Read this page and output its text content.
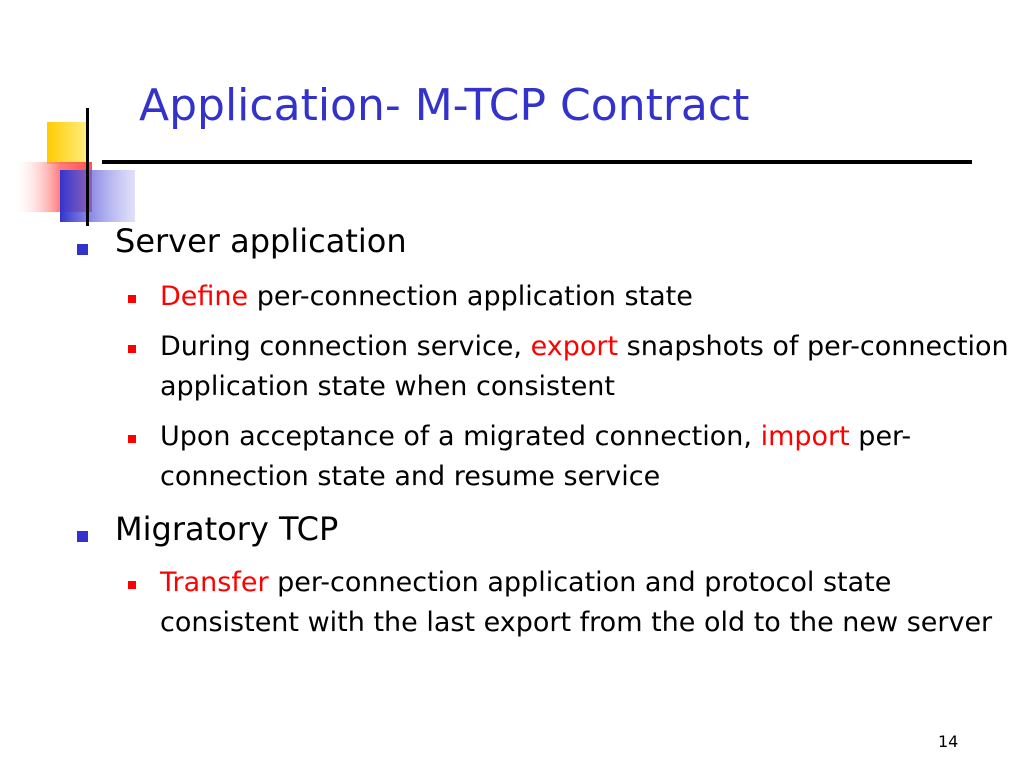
Application- M-TCP Contract
Server application
Define per-connection application state
During connection service, export snapshots of per-connection application state when consistent
Upon acceptance of a migrated connection, import per-connection state and resume service
Migratory TCP
Transfer per-connection application and protocol state consistent with the last export from the old to the new server
14
